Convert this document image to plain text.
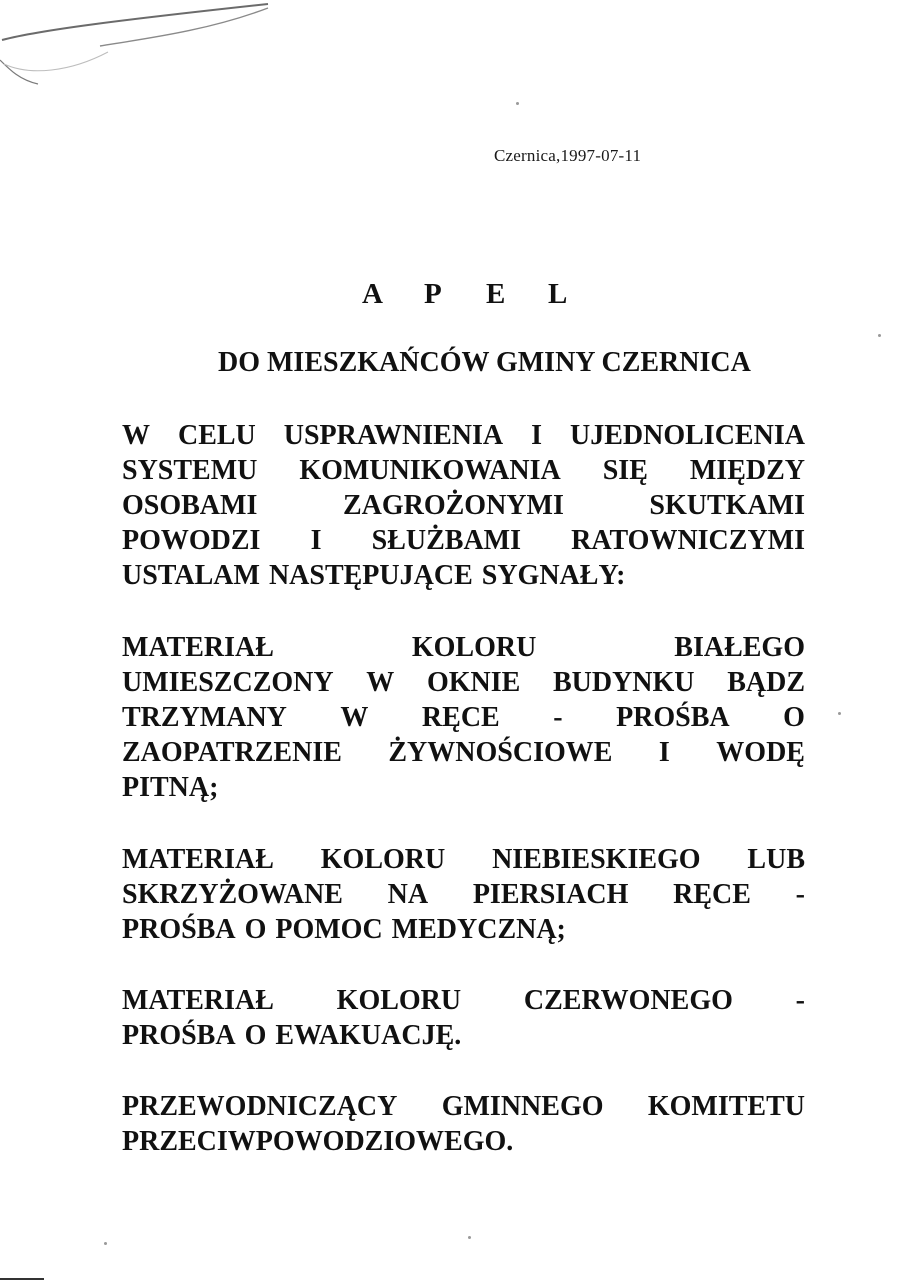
Czernica,1997-07-11
A P E L
DO MIESZKAŃCÓW GMINY CZERNICA
W CELU USPRAWNIENIA I UJEDNOLICENIA
SYSTEMU KOMUNIKOWANIA SIĘ MIĘDZY
OSOBAMI	ZAGROŻONYMI	SKUTKAMI
POWODZI I SŁUŻBAMI RATOWNICZYMI
USTALAM NASTĘPUJĄCE SYGNAŁY:
MATERIAŁ	KOLORU	BIAŁEGO
UMIESZCZONY W OKNIE BUDYNKU BĄDZ
TRZYMANY W RĘCE - PROŚBA O
ZAOPATRZENIE ŻYWNOŚCIOWE I WODĘ
PITNĄ;
MATERIAŁ KOLORU NIEBIESKIEGO LUB
SKRZYŻOWANE NA PIERSIACH RĘCE -
PROŚBA O POMOC MEDYCZNĄ;
MATERIAŁ KOLORU CZERWONEGO -
PROŚBA O EWAKUACJĘ.
PRZEWODNICZĄCY GMINNEGO KOMITETU
PRZECIWPOWODZIOWEGO.
